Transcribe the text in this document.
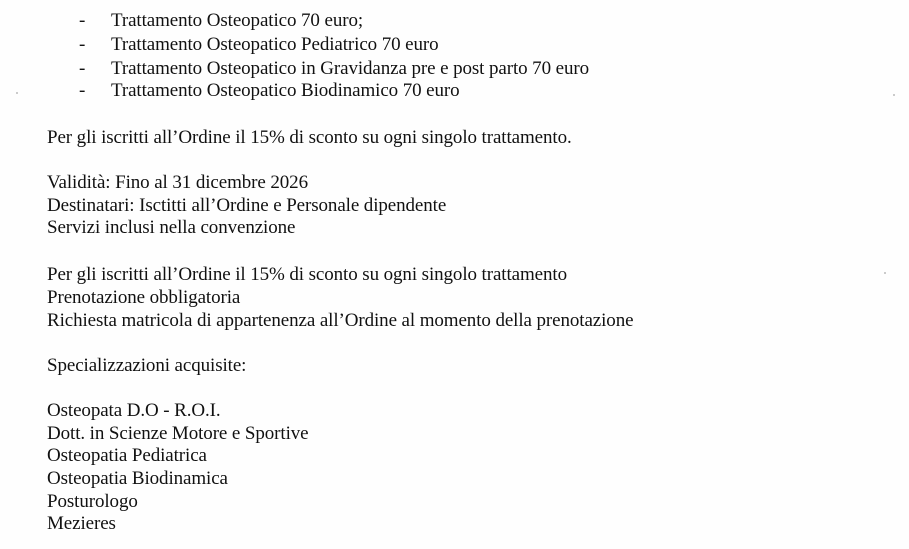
- Trattamento Osteopatico 70 euro;
- Trattamento Osteopatico Pediatrico 70 euro
- Trattamento Osteopatico in Gravidanza pre e post parto 70 euro
- Trattamento Osteopatico Biodinamico 70 euro
Per gli iscritti all’Ordine il 15% di sconto su ogni singolo trattamento.
Validità: Fino al 31 dicembre 2026
Destinatari: Isctitti all’Ordine e Personale dipendente
Servizi inclusi nella convenzione
Per gli iscritti all’Ordine il 15% di sconto su ogni singolo trattamento
Prenotazione obbligatoria
Richiesta matricola di appartenenza all’Ordine al momento della prenotazione
Specializzazioni acquisite:
Osteopata D.O - R.O.I.
Dott. in Scienze Motore e Sportive
Osteopatia Pediatrica
Osteopatia Biodinamica
Posturologo
Mezieres
